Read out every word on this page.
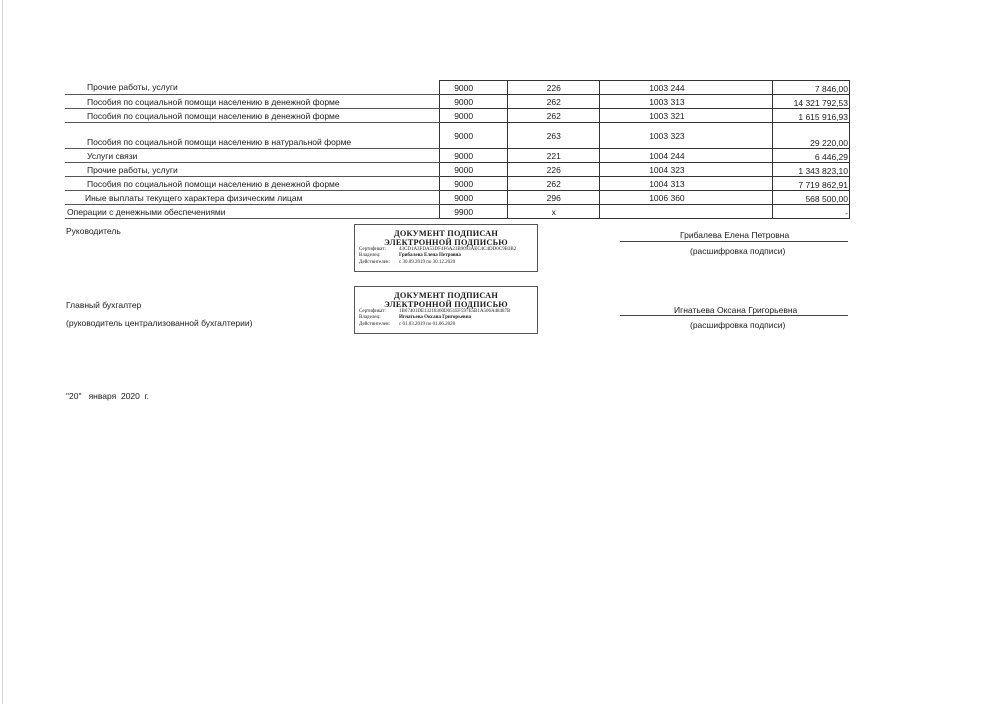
Прочие работы, услуги	9000	226	1003 244	7 846,00
Пособия по социальной помощи населению в денежной форме	9000	262	1003 313	14 321 792,53
Пособия по социальной помощи населению в денежной форме	9000	262	1003 321	1 615 916,93
Пособия по социальной помощи населению в натуральной форме	9000	263	1003 323	29 220,00
Услуги связи	9000	221	1004 244	6 446,29
Прочие работы, услуги	9000	226	1004 323	1 343 823,10
Пособия по социальной помощи населению в денежной форме	9000	262	1004 313	7 719 862,91
Иные выплаты текущего характера физическим лицам	9000	296	1006 360	568 500,00
Операции с денежными обеспечениями	9900	х		-
Руководитель	ДОКУМЕНТ ПОДПИСАН
ЭЛЕКТРОННОЙ ПОДПИСЬЮ
Сертификат:	43CD1A3FDA53DF4F6A23B9093AEC4C4DD0C9B3B2
Владелец:	Грибалева Елена Петровна
Действителен: с 30.09.2019 по 30.12.2020
Грибалева Елена Петровна
(расшифровка подписи)
Главный бухгалтер
(руководитель централизованной бухгалтерии)
ДОКУМЕНТ ПОДПИСАН
ЭЛЕКТРОННОЙ ПОДПИСЬЮ
Сертификат:	1B67401DE13218360D051EF597E5B1A506A48487B
Владелец:	Игнатьева Оксана Григорьевна
Действителен: с 01.03.2019 по 01.06.2020
Игнатьева Оксана Григорьевна
(расшифровка подписи)
"20"   января  2020  г.
